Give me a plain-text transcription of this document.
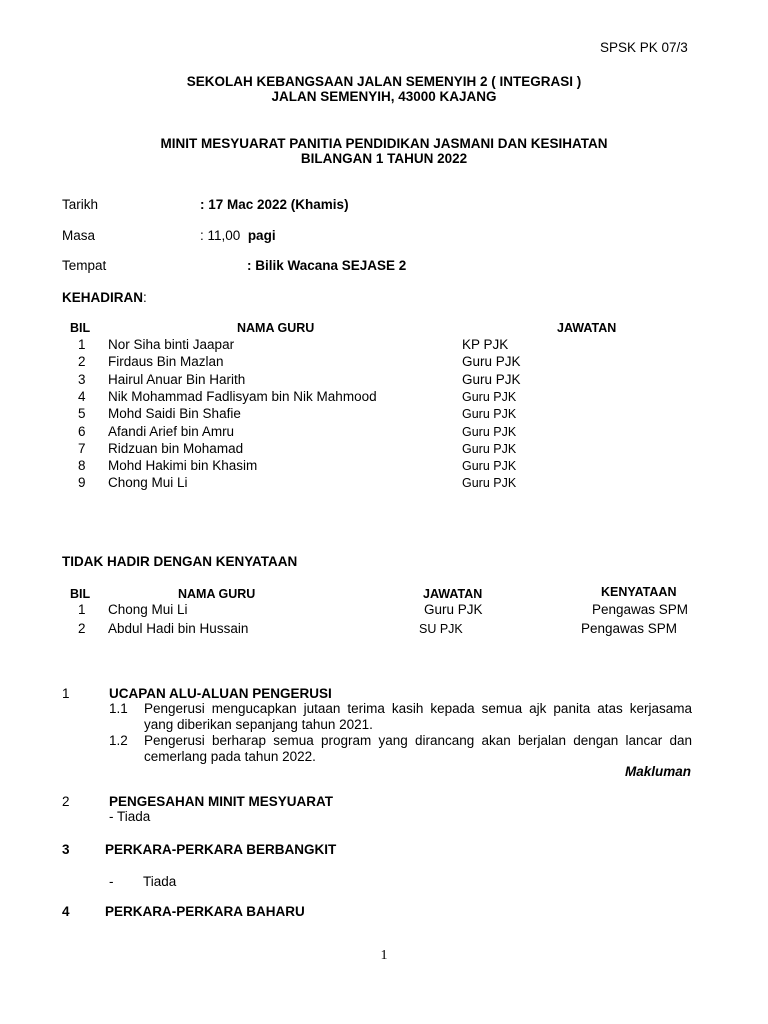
SPSK PK 07/3
SEKOLAH KEBANGSAAN JALAN SEMENYIH 2 ( INTEGRASI )
JALAN SEMENYIH, 43000 KAJANG
MINIT MESYUARAT PANITIA PENDIDIKAN JASMANI DAN KESIHATAN
BILANGAN 1 TAHUN 2022
Tarikh	: 17 Mac 2022 (Khamis)
Masa	: 11,00 pagi
Tempat	: Bilik Wacana SEJASE 2
KEHADIRAN:
BIL	NAMA GURU	JAWATAN
1 Nor Siha binti Jaapar	KP PJK
2 Firdaus Bin Mazlan	Guru PJK
3 Hairul Anuar Bin Harith	Guru PJK
4 Nik Mohammad Fadlisyam bin Nik Mahmood	Guru PJK
5 Mohd Saidi Bin Shafie	Guru PJK
6 Afandi Arief bin Amru	Guru PJK
7 Ridzuan bin Mohamad	Guru PJK
8 Mohd Hakimi bin Khasim	Guru PJK
9 Chong Mui Li	Guru PJK
TIDAK HADIR DENGAN KENYATAAN
BIL	NAMA GURU	JAWATAN	KENYATAAN
1 Chong Mui Li	Guru PJK	Pengawas SPM
2 Abdul Hadi bin Hussain	SU PJK	Pengawas SPM
1	UCAPAN ALU-ALUAN PENGERUSI
1.1 Pengerusi mengucapkan jutaan terima kasih kepada semua ajk panita atas kerjasama yang diberikan sepanjang tahun 2021.
1.2 Pengerusi berharap semua program yang dirancang akan berjalan dengan lancar dan cemerlang pada tahun 2022.
Makluman
2	PENGESAHAN MINIT MESYUARAT
- Tiada
3	PERKARA-PERKARA BERBANGKIT
- Tiada
4	PERKARA-PERKARA BAHARU
1
